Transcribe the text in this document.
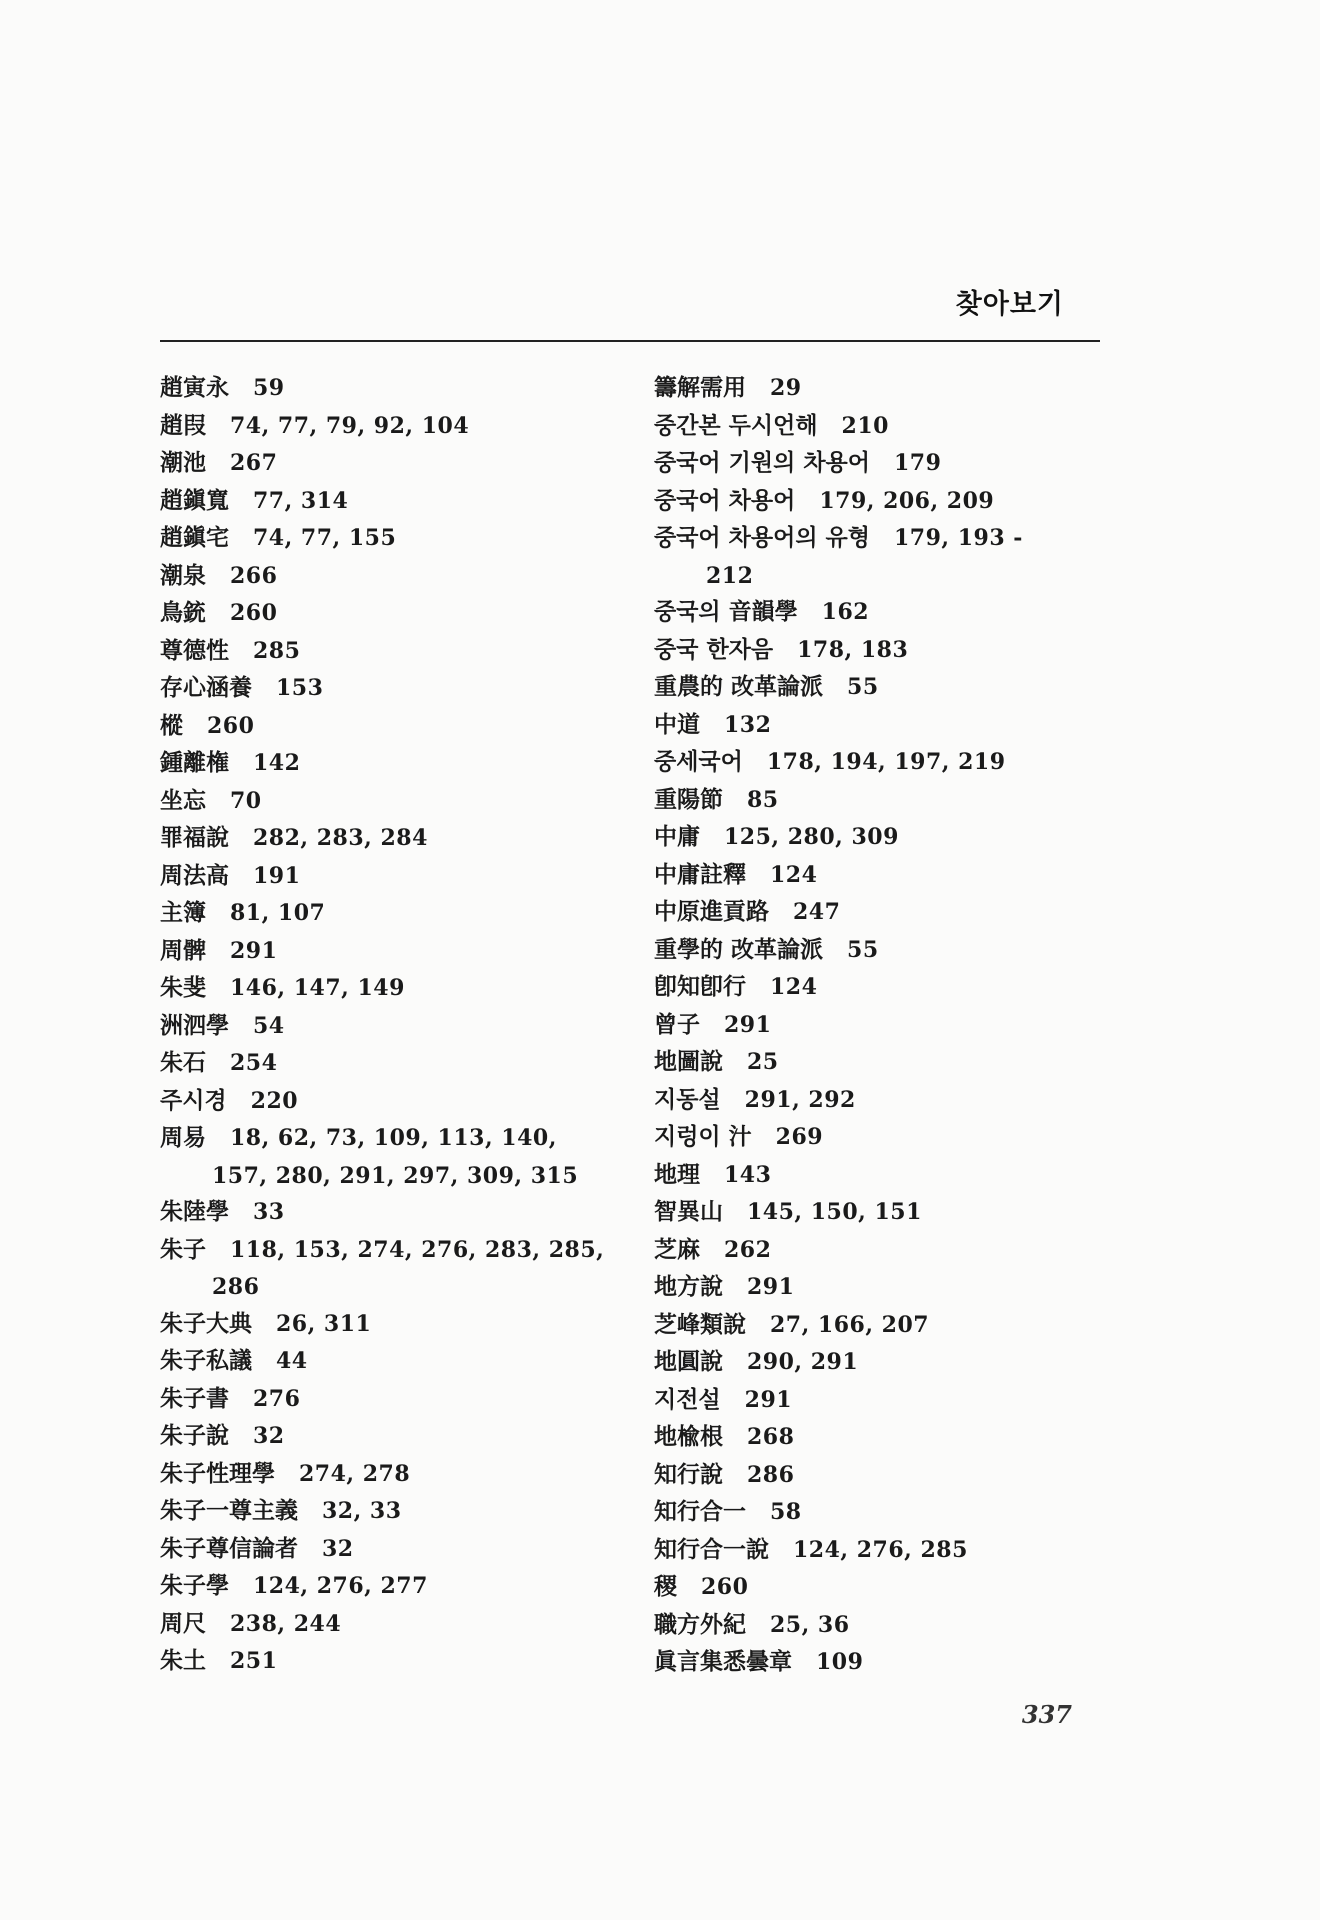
찾아보기
趙寅永 59
趙叚 74, 77, 79, 92, 104
潮池 267
趙鎭寬 77, 314
趙鎭宅 74, 77, 155
潮泉 266
鳥銃 260
尊德性 285
存心涵養 153
樅 260
鍾離権 142
坐忘 70
罪福說 282, 283, 284
周法高 191
主簿 81, 107
周髀 291
朱斐 146, 147, 149
洲泗學 54
朱石 254
주시경 220
周易 18, 62, 73, 109, 113, 140,
157, 280, 291, 297, 309, 315
朱陸學 33
朱子 118, 153, 274, 276, 283, 285,
286
朱子大典 26, 311
朱子私議 44
朱子書 276
朱子說 32
朱子性理學 274, 278
朱子一尊主義 32, 33
朱子尊信論者 32
朱子學 124, 276, 277
周尺 238, 244
朱土 251
籌解需用 29
중간본 두시언해 210
중국어 기원의 차용어 179
중국어 차용어 179, 206, 209
중국어 차용어의 유형 179, 193 -
212
중국의 音韻學 162
중국 한자음 178, 183
重農的 改革論派 55
中道 132
중세국어 178, 194, 197, 219
重陽節 85
中庸 125, 280, 309
中庸註釋 124
中原進貢路 247
重學的 改革論派 55
卽知卽行 124
曾子 291
地圖說 25
지동설 291, 292
지렁이 汁 269
地理 143
智異山 145, 150, 151
芝麻 262
地方說 291
芝峰類說 27, 166, 207
地圓說 290, 291
지전설 291
地楡根 268
知行說 286
知行合一 58
知行合一說 124, 276, 285
稷 260
職方外紀 25, 36
眞言集悉曇章 109
337
